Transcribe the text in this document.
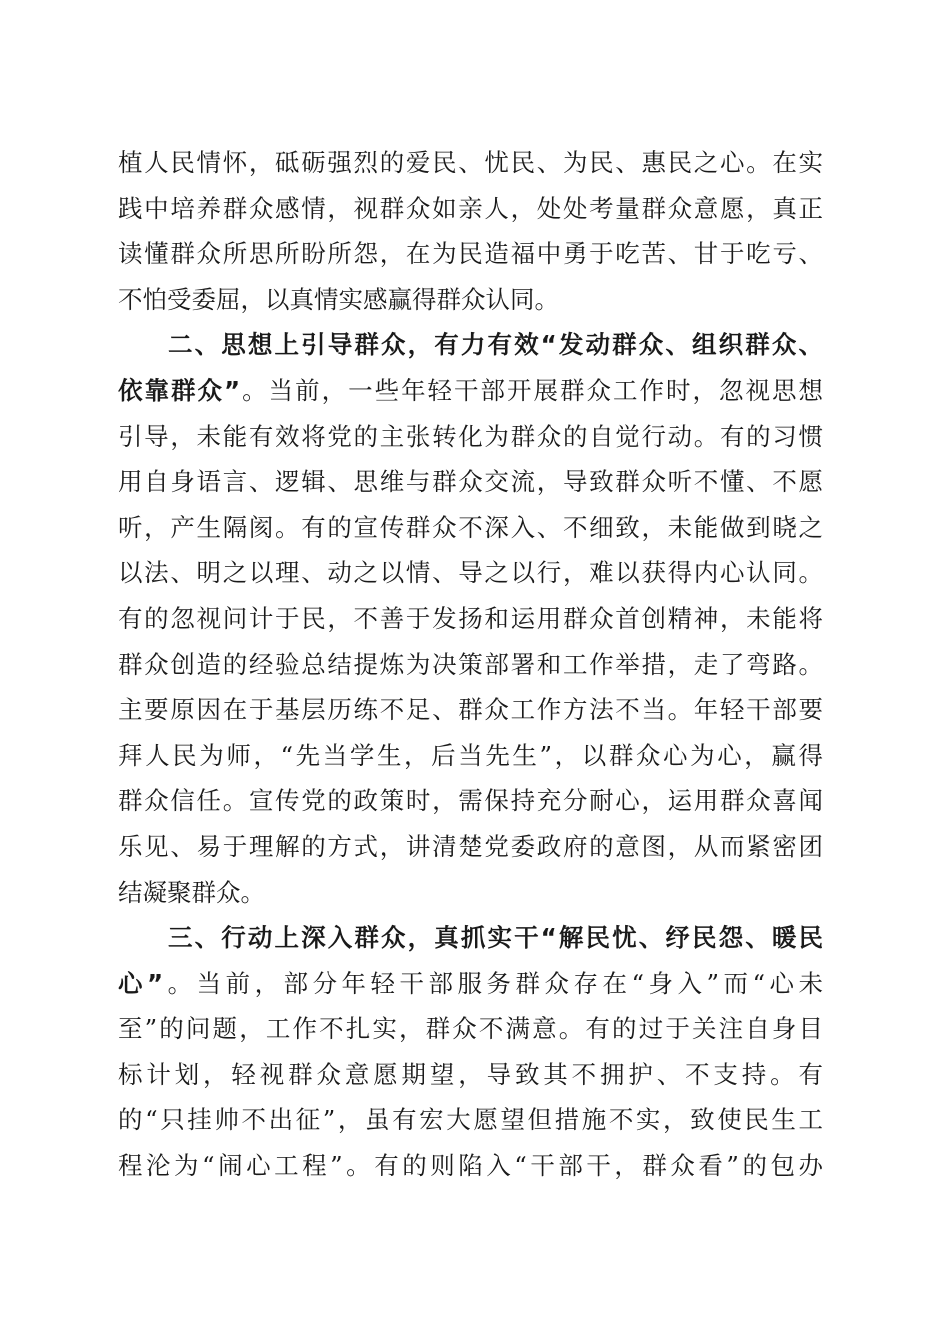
植人民情怀，砥砺强烈的爱民、忧民、为民、惠民之心。在实
践中培养群众感情，视群众如亲人，处处考量群众意愿，真正
读懂群众所思所盼所怨，在为民造福中勇于吃苦、甘于吃亏、
不怕受委屈，以真情实感赢得群众认同。
二、思想上引导群众，有力有效“发动群众、组织群众、
依靠群众”。当前，一些年轻干部开展群众工作时，忽视思想
引导，未能有效将党的主张转化为群众的自觉行动。有的习惯
用自身语言、逻辑、思维与群众交流，导致群众听不懂、不愿
听，产生隔阂。有的宣传群众不深入、不细致，未能做到晓之
以法、明之以理、动之以情、导之以行，难以获得内心认同。
有的忽视问计于民，不善于发扬和运用群众首创精神，未能将
群众创造的经验总结提炼为决策部署和工作举措，走了弯路。
主要原因在于基层历练不足、群众工作方法不当。年轻干部要
拜人民为师，“先当学生，后当先生”，以群众心为心，赢得
群众信任。宣传党的政策时，需保持充分耐心，运用群众喜闻
乐见、易于理解的方式，讲清楚党委政府的意图，从而紧密团
结凝聚群众。
三、行动上深入群众，真抓实干“解民忧、纾民怨、暖民
心”。当前，部分年轻干部服务群众存在“身入”而“心未
至”的问题，工作不扎实，群众不满意。有的过于关注自身目
标计划，轻视群众意愿期望，导致其不拥护、不支持。有
的“只挂帅不出征”，虽有宏大愿望但措施不实，致使民生工
程沦为“闹心工程”。有的则陷入“干部干，群众看”的包办
